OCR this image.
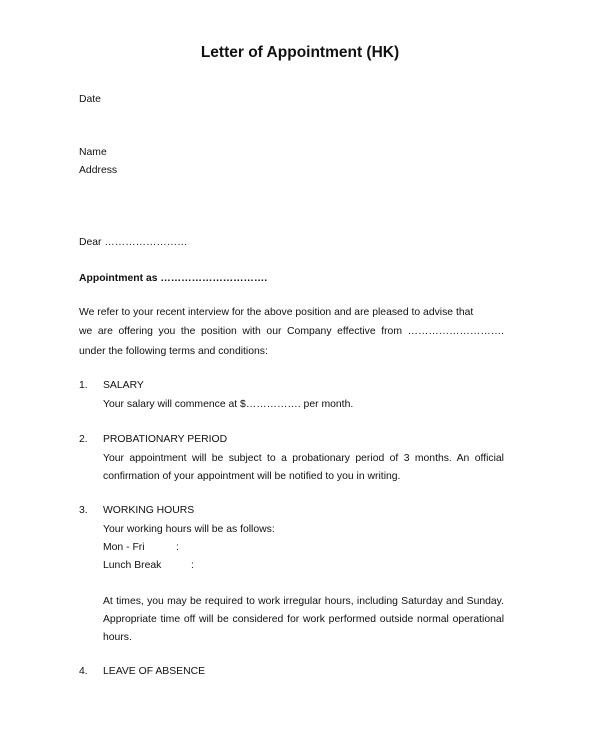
Letter of Appointment (HK)
Date
Name
Address
Dear ……………………
Appointment as ………………………….
We refer to your recent interview for the above position and are pleased to advise that
we are offering you the position with our Company effective from ……………………….
under the following terms and conditions:
1. SALARY
Your salary will commence at $……………. per month.
2. PROBATIONARY PERIOD
Your appointment will be subject to a probationary period of 3 months. An official
confirmation of your appointment will be notified to you in writing.
3. WORKING HOURS
Your working hours will be as follows:
Mon - Fri	:
Lunch Break	:
At times, you may be required to work irregular hours, including Saturday and Sunday.
Appropriate time off will be considered for work performed outside normal operational
hours.
4. LEAVE OF ABSENCE
